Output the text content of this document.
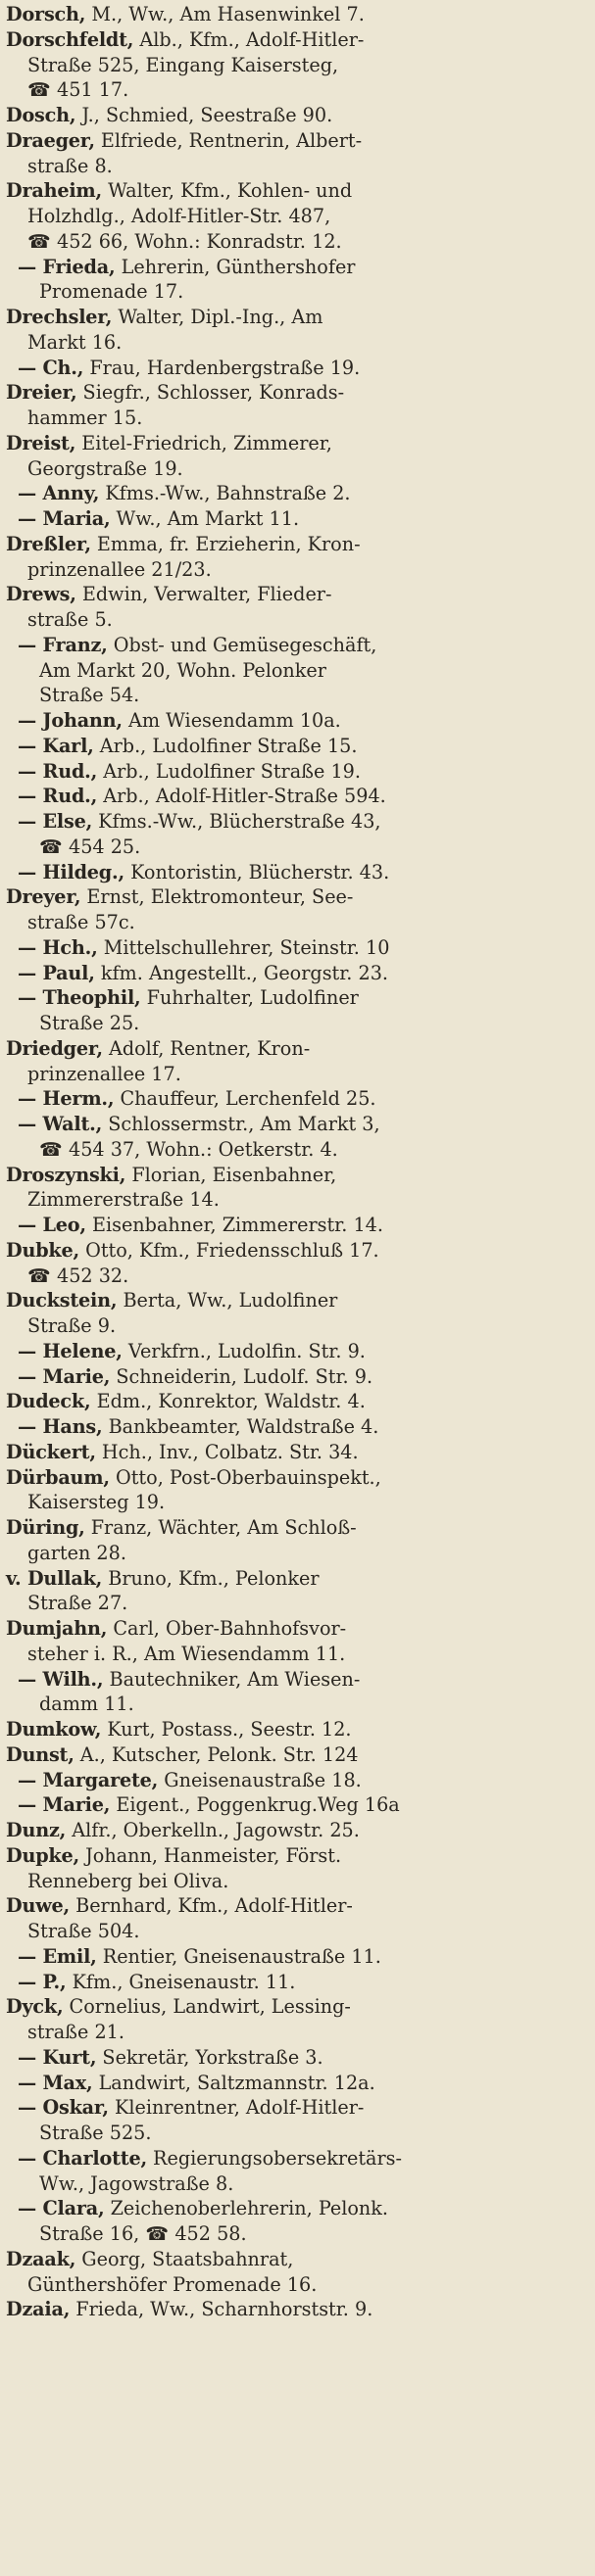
Dorsch, M., Ww., Am Hasenwinkel 7.
Dorschfeldt, Alb., Kfm., Adolf-Hitler-
Straße 525, Eingang Kaisersteg,
☎ 451 17.
Dosch, J., Schmied, Seestraße 90.
Draeger, Elfriede, Rentnerin, Albert-
straße 8.
Draheim, Walter, Kfm., Kohlen- und
Holzhdlg., Adolf-Hitler-Str. 487,
☎ 452 66, Wohn.: Konradstr. 12.
— Frieda, Lehrerin, Günthershofer
Promenade 17.
Drechsler, Walter, Dipl.-Ing., Am
Markt 16.
— Ch., Frau, Hardenbergstraße 19.
Dreier, Siegfr., Schlosser, Konrads-
hammer 15.
Dreist, Eitel-Friedrich, Zimmerer,
Georgstraße 19.
— Anny, Kfms.-Ww., Bahnstraße 2.
— Maria, Ww., Am Markt 11.
Dreßler, Emma, fr. Erzieherin, Kron-
prinzenallee 21/23.
Drews, Edwin, Verwalter, Flieder-
straße 5.
— Franz, Obst- und Gemüsegeschäft,
Am Markt 20, Wohn. Pelonker
Straße 54.
— Johann, Am Wiesendamm 10a.
— Karl, Arb., Ludolfiner Straße 15.
— Rud., Arb., Ludolfiner Straße 19.
— Rud., Arb., Adolf-Hitler-Straße 594.
— Else, Kfms.-Ww., Blücherstraße 43,
☎ 454 25.
— Hildeg., Kontoristin, Blücherstr. 43.
Dreyer, Ernst, Elektromonteur, See-
straße 57c.
— Hch., Mittelschullehrer, Steinstr. 10
— Paul, kfm. Angestellt., Georgstr. 23.
— Theophil, Fuhrhalter, Ludolfiner
Straße 25.
Driedger, Adolf, Rentner, Kron-
prinzenallee 17.
— Herm., Chauffeur, Lerchenfeld 25.
— Walt., Schlossermstr., Am Markt 3,
☎ 454 37, Wohn.: Oetkerstr. 4.
Droszynski, Florian, Eisenbahner,
Zimmererstraße 14.
— Leo, Eisenbahner, Zimmererstr. 14.
Dubke, Otto, Kfm., Friedensschluß 17.
☎ 452 32.
Duckstein, Berta, Ww., Ludolfiner
Straße 9.
— Helene, Verkfrn., Ludolfin. Str. 9.
— Marie, Schneiderin, Ludolf. Str. 9.
Dudeck, Edm., Konrektor, Waldstr. 4.
— Hans, Bankbeamter, Waldstraße 4.
Dückert, Hch., Inv., Colbatz. Str. 34.
Dürbaum, Otto, Post-Oberbauinspekt.,
Kaisersteg 19.
Düring, Franz, Wächter, Am Schloß-
garten 28.
v. Dullak, Bruno, Kfm., Pelonker
Straße 27.
Dumjahn, Carl, Ober-Bahnhofsvor-
steher i. R., Am Wiesendamm 11.
— Wilh., Bautechniker, Am Wiesen-
damm 11.
Dumkow, Kurt, Postass., Seestr. 12.
Dunst, A., Kutscher, Pelonk. Str. 124
— Margarete, Gneisenaustraße 18.
— Marie, Eigent., Poggenkrug.Weg 16a
Dunz, Alfr., Oberkelln., Jagowstr. 25.
Dupke, Johann, Hanmeister, Först.
Renneberg bei Oliva.
Duwe, Bernhard, Kfm., Adolf-Hitler-
Straße 504.
— Emil, Rentier, Gneisenaustraße 11.
— P., Kfm., Gneisenaustr. 11.
Dyck, Cornelius, Landwirt, Lessing-
straße 21.
— Kurt, Sekretär, Yorkstraße 3.
— Max, Landwirt, Saltzmannstr. 12a.
— Oskar, Kleinrentner, Adolf-Hitler-
Straße 525.
— Charlotte, Regierungsobersekretärs-
Ww., Jagowstraße 8.
— Clara, Zeichenoberlehrerin, Pelonk.
Straße 16, ☎ 452 58.
Dzaak, Georg, Staatsbahnrat,
Günthershöfer Promenade 16.
Dzaia, Frieda, Ww., Scharnhorststr. 9.
